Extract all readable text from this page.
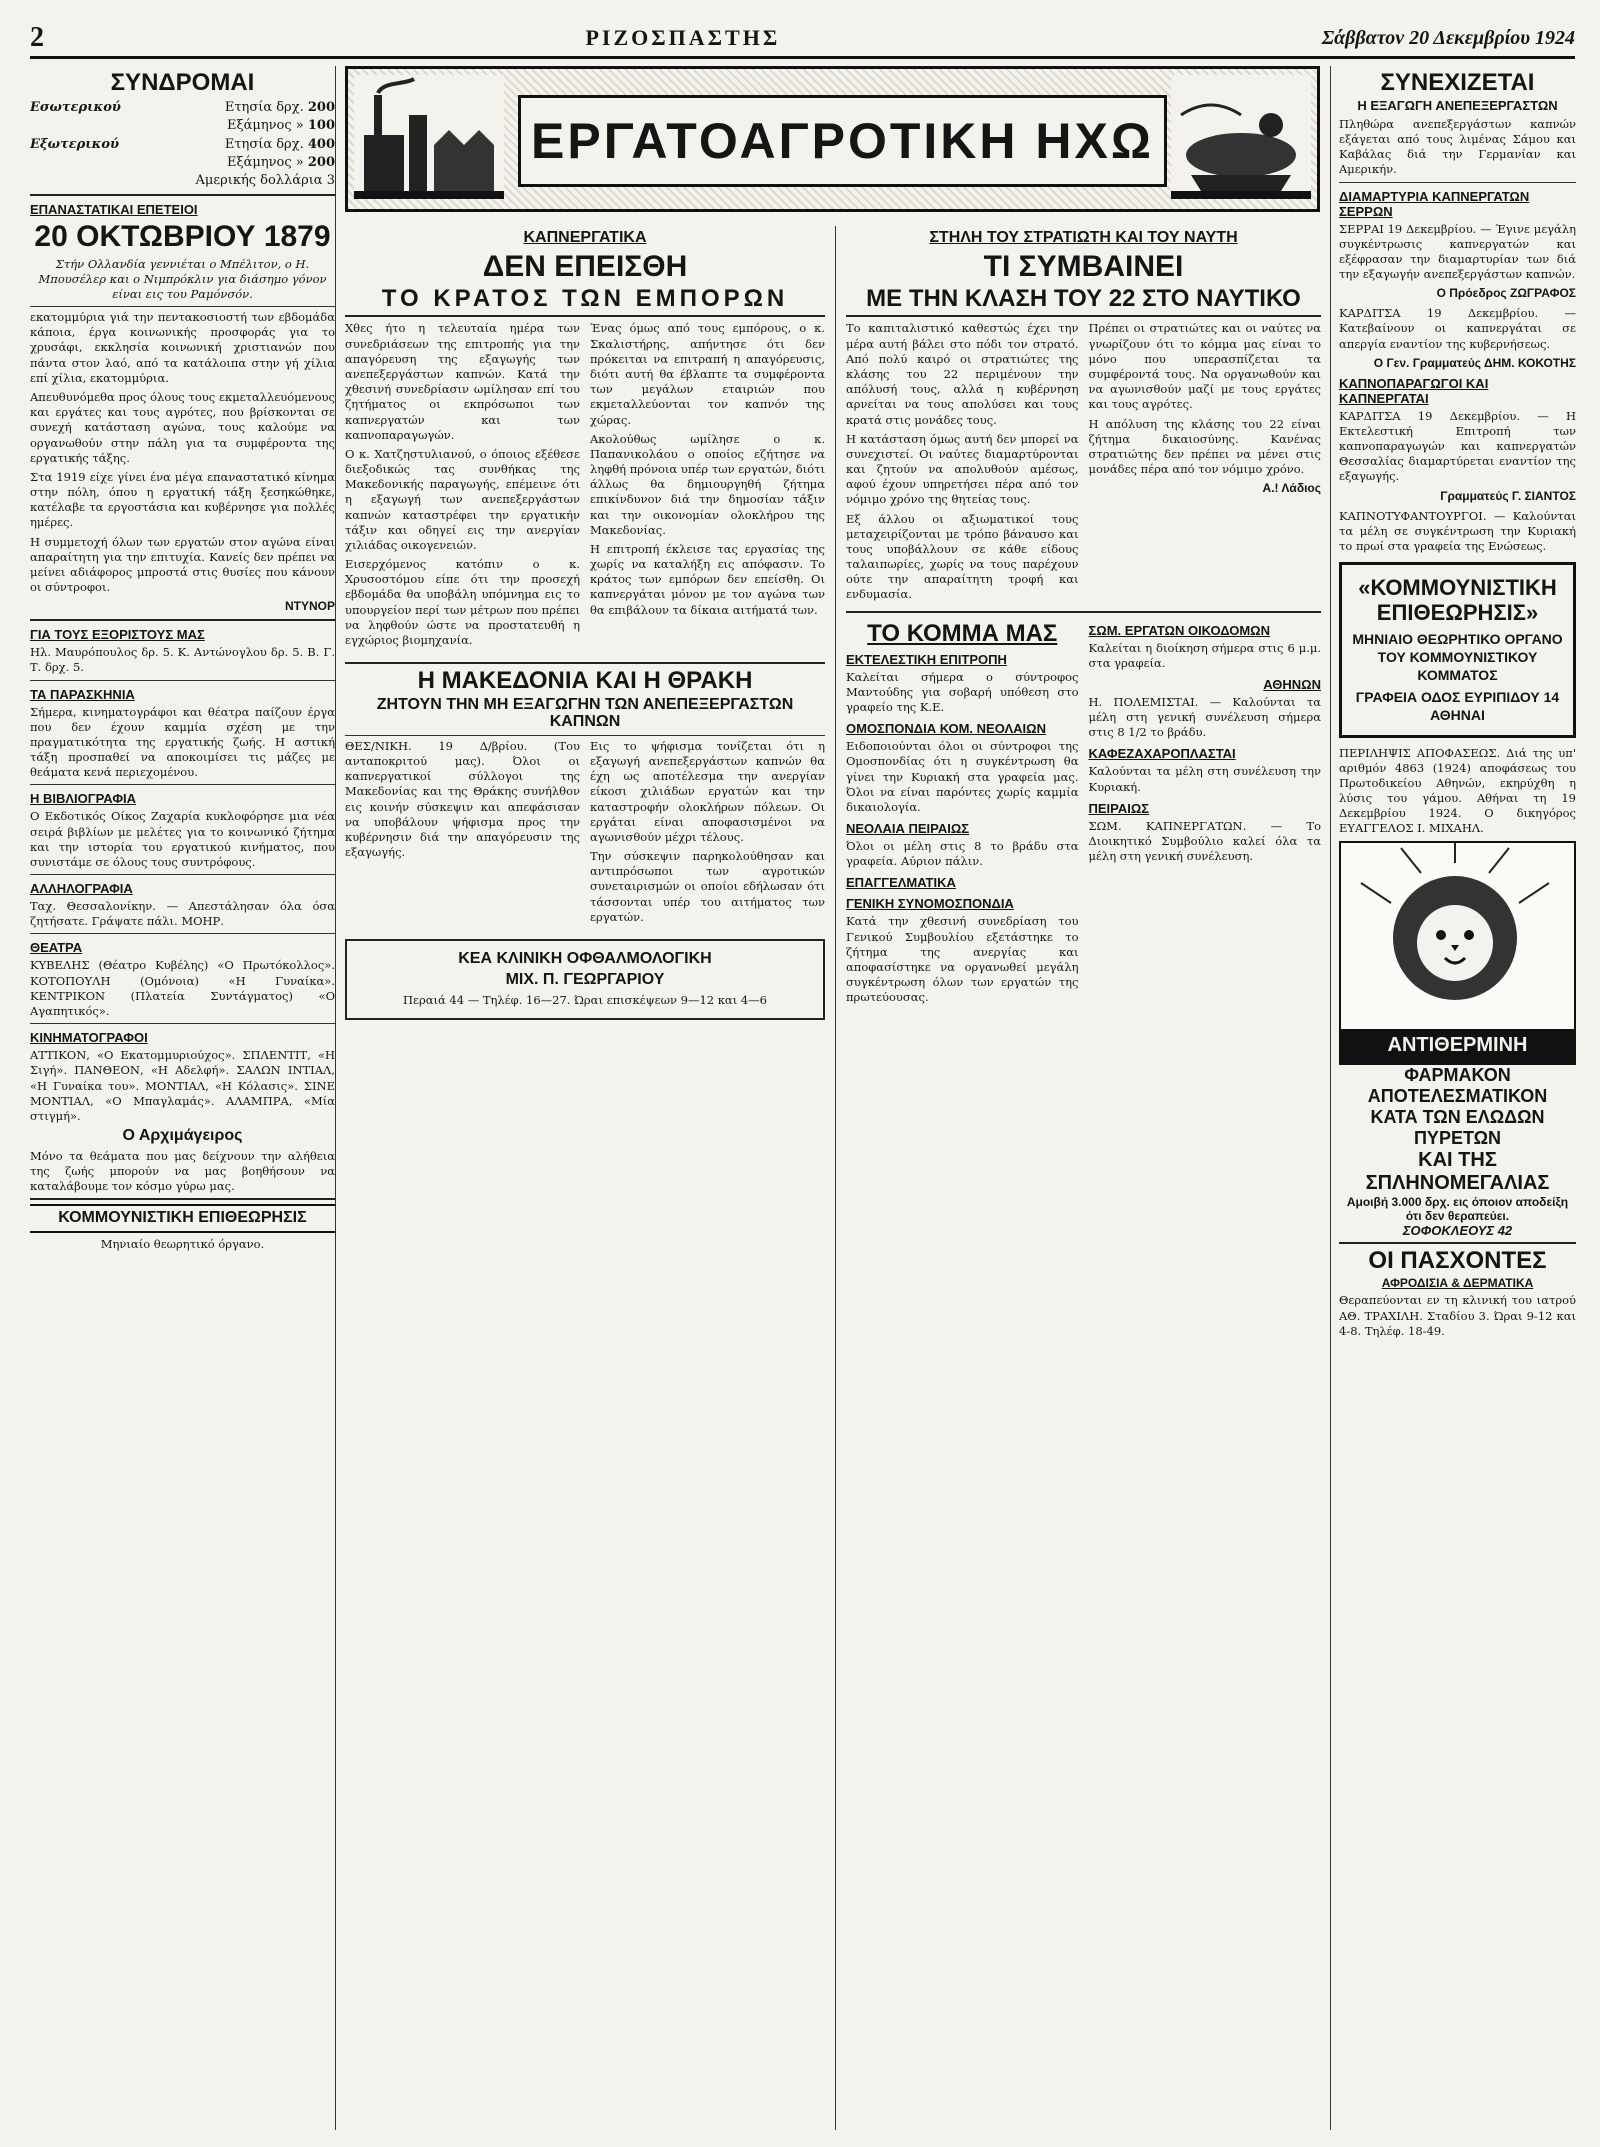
2	ΡΙΖΟΣΠΑΣΤΗΣ	Σάββατον 20 Δεκεμβρίου 1924
ΣΥΝΔΡΟΜΑΙ
Εσωτερικού	Ετησία δρχ. 200
Εξάμηνος » 100
Εξωτερικού	Ετησία δρχ. 400
Εξάμηνος » 200
Αμερικής δολλάρια 3
ΕΠΑΝΑΣΤΑΤΙΚΑΙ ΕΠΕΤΕΙΟΙ
20 ΟΚΤΩΒΡΙΟΥ 1879

Στήν Ολλανδία γεννιέται ο Μπέλιτον, ο Η. Μπουσέλερ και ο Νιμπρόκλιν για διάσημο γόνον είναι εις του Ραμόνσόν.

εκατομμύρια γιά την πεντακοσιοστή των εβδομάδα κάποια, έργα κοινωνικής προσφοράς για το χρυσάφι, εκκλησία κοινωνική χριστιανών που πάντα στον λαό, από τα κατάλοιπα στην γή χίλια επί χίλια, εκατομμύρια.

Απευθυνόμεθα προς όλους τους εκμεταλλευόμενους και εργάτες και τους αγρότες, που βρίσκονται σε συνεχή κατάσταση αγώνα, τους καλούμε να οργανωθούν στην πάλη για τα συμφέροντα της εργατικής τάξης.

Στα 1919 είχε γίνει ένα μέγα επαναστατικό κίνημα στην πόλη, όπου η εργατική τάξη ξεσηκώθηκε, κατέλαβε τα εργοστάσια και κυβέρνησε για πολλές ημέρες.

Η συμμετοχή όλων των εργατών στον αγώνα είναι απαραίτητη για την επιτυχία. Κανείς δεν πρέπει να μείνει αδιάφορος μπροστά στις θυσίες που κάνουν οι σύντροφοι.

ΝΤΥΝΟΡ
ΓΙΑ ΤΟΥΣ ΕΞΟΡΙΣΤΟΥΣ ΜΑΣ

Ηλ. Μαυρόπουλος δρ. 5. Κ. Αντώνογλου δρ. 5. Β. Γ. Τ. δρχ. 5.

ΤΑ ΠΑΡΑΣΚΗΝΙΑ

Σήμερα, κινηματογράφοι και θέατρα παίζουν έργα που δεν έχουν καμμία σχέση με την πραγματικότητα της εργατικής ζωής. Η αστική τάξη προσπαθεί να αποκοιμίσει τις μάζες με θεάματα κενά περιεχομένου.

Η ΒΙΒΛΙΟΓΡΑΦΙΑ

Ο Εκδοτικός Οίκος Ζαχαρία κυκλοφόρησε μια νέα σειρά βιβλίων με μελέτες για το κοινωνικό ζήτημα και την ιστορία του εργατικού κινήματος, που συνιστάμε σε όλους τους συντρόφους.

ΑΛΛΗΛΟΓΡΑΦΙΑ

Ταχ. Θεσσαλονίκην. — Απεστάλησαν όλα όσα ζητήσατε. Γράψατε πάλι. ΜΟΗΡ.

ΘΕΑΤΡΑ

ΚΥΒΕΛΗΣ (Θέατρο Κυβέλης) «Ο Πρωτόκολλος». ΚΟΤΟΠΟΥΛΗ (Ομόνοια) «Η Γυναίκα». ΚΕΝΤΡΙΚΟΝ (Πλατεία Συντάγματος) «Ο Αγαπητικός».

ΚΙΝΗΜΑΤΟΓΡΑΦΟΙ

ΑΤΤΙΚΟΝ, «Ο Εκατομμυριούχος». ΣΠΛΕΝΤΙΤ, «Η Σιγή». ΠΑΝΘΕΟΝ, «Η Αδελφή». ΣΑΛΩΝ ΙΝΤΙΑΛ, «Η Γυναίκα του». ΜΟΝΤΙΑΛ, «Η Κόλασις». ΣΙΝΕ ΜΟΝΤΙΑΛ, «Ο Μπαγλαμάς». ΑΛΑΜΠΡΑ, «Μία στιγμή».

Ο Αρχιμάγειρος

Μόνο τα θεάματα που μας δείχνουν την αλήθεια της ζωής μπορούν να μας βοηθήσουν να καταλάβουμε τον κόσμο γύρω μας.

ΚΟΜΜΟΥΝΙΣΤΙΚΗ ΕΠΙΘΕΩΡΗΣΙΣ

Μηνιαίο θεωρητικό όργανο.

ΕΡΓΑΤΟΑΓΡΟΤΙΚΗ ΗΧΩ
ΚΑΠΝΕΡΓΑΤΙΚΑ
ΔΕΝ ΕΠΕΙΣΘΗ
ΤΟ ΚΡΑΤΟΣ ΤΩΝ ΕΜΠΟΡΩΝ

Χθες ήτο η τελευταία ημέρα των συνεδριάσεων της επιτροπής για την απαγόρευση της εξαγωγής των ανεπεξεργάστων καπνών. Κατά την χθεσινή συνεδρίασιν ωμίλησαν επί του ζητήματος οι εκπρόσωποι των καπνεργατών και των καπνοπαραγωγών.

Ο κ. Χατζηστυλιανού, ο όποιος εξέθεσε διεξοδικώς τας συνθήκας της Μακεδονικής παραγωγής, επέμεινε ότι η εξαγωγή των ανεπεξεργάστων καπνών καταστρέφει την εργατικήν τάξιν και οδηγεί εις την ανεργίαν χιλιάδας οικογενειών.

Εισερχόμενος κατόπιν ο κ. Χρυσοστόμου είπε ότι την προσεχή εβδομάδα θα υποβάλη υπόμνημα εις το υπουργείον περί των μέτρων που πρέπει να ληφθούν ώστε να προστατευθή η εγχώριος βιομηχανία.

Ένας όμως από τους εμπόρους, ο κ. Σκαλιστήρης, απήντησε ότι δεν πρόκειται να επιτραπή η απαγόρευσις, διότι αυτή θα έβλαπτε τα συμφέροντα των μεγάλων εταιριών που εκμεταλλεύονται τον καπνόν της χώρας.

Ακολούθως ωμίλησε ο κ. Παπανικολάου ο οποίος εζήτησε να ληφθή πρόνοια υπέρ των εργατών, διότι άλλως θα δημιουργηθή ζήτημα επικίνδυνον διά την δημοσίαν τάξιν και την οικονομίαν ολοκλήρου της Μακεδονίας.

Η επιτροπή έκλεισε τας εργασίας της χωρίς να καταλήξη εις απόφασιν. Το κράτος των εμπόρων δεν επείσθη. Οι καπνεργάται μόνον με τον αγώνα των θα επιβάλουν τα δίκαια αιτήματά των.

Η ΜΑΚΕΔΟΝΙΑ ΚΑΙ Η ΘΡΑΚΗ
ΖΗΤΟΥΝ ΤΗΝ ΜΗ ΕΞΑΓΩΓΗΝ ΤΩΝ ΑΝΕΠΕΞΕΡΓΑΣΤΩΝ ΚΑΠΝΩΝ

ΘΕΣ/ΝΙΚΗ. 19 Δ/βρίου. (Του ανταποκριτού μας). Όλοι οι καπνεργατικοί σύλλογοι της Μακεδονίας και της Θράκης συνήλθον εις κοινήν σύσκεψιν και απεφάσισαν να υποβάλουν ψήφισμα προς την κυβέρνησιν διά την απαγόρευσιν της εξαγωγής.

Εις το ψήφισμα τονίζεται ότι η εξαγωγή ανεπεξεργάστων καπνών θα έχη ως αποτέλεσμα την ανεργίαν είκοσι χιλιάδων εργατών και την καταστροφήν ολοκλήρων πόλεων. Οι εργάται είναι αποφασισμένοι να αγωνισθούν μέχρι τέλους.

Την σύσκεψιν παρηκολούθησαν και αντιπρόσωποι των αγροτικών συνεταιρισμών οι οποίοι εδήλωσαν ότι τάσσονται υπέρ του αιτήματος των εργατών.

ΚΕΑ ΚΛΙΝΙΚΗ ΟΦΘΑΛΜΟΛΟΓΙΚΗ
ΜΙΧ. Π. ΓΕΩΡΓΑΡΙΟΥ

Περαιά 44 — Τηλέφ. 16—27. Ώραι επισκέψεων 9—12 και 4—6

ΣΤΗΛΗ ΤΟΥ ΣΤΡΑΤΙΩΤΗ ΚΑΙ ΤΟΥ ΝΑΥΤΗ
ΤΙ ΣΥΜΒΑΙΝΕΙ
ΜΕ ΤΗΝ ΚΛΑΣΗ ΤΟΥ 22 ΣΤΟ ΝΑΥΤΙΚΟ

Το καπιταλιστικό καθεστώς έχει την μέρα αυτή βάλει στο πόδι τον στρατό. Από πολύ καιρό οι στρατιώτες της κλάσης του 22 περιμένουν την απόλυσή τους, αλλά η κυβέρνηση αρνείται να τους απολύσει και τους κρατά στις μονάδες τους.

Η κατάσταση όμως αυτή δεν μπορεί να συνεχιστεί. Οι ναύτες διαμαρτύρονται και ζητούν να απολυθούν αμέσως, αφού έχουν υπηρετήσει πέρα από τον νόμιμο χρόνο της θητείας τους.

Εξ άλλου οι αξιωματικοί τους μεταχειρίζονται με τρόπο βάναυσο και τους υποβάλλουν σε κάθε είδους ταλαιπωρίες, χωρίς να τους παρέχουν ούτε την απαραίτητη τροφή και ενδυμασία.

Πρέπει οι στρατιώτες και οι ναύτες να γνωρίζουν ότι το κόμμα μας είναι το μόνο που υπερασπίζεται τα συμφέροντά τους. Να οργανωθούν και να αγωνισθούν μαζί με τους εργάτες και τους αγρότες.

Η απόλυση της κλάσης του 22 είναι ζήτημα δικαιοσύνης. Κανένας στρατιώτης δεν πρέπει να μένει στις μονάδες πέρα από τον νόμιμο χρόνο.

Α.! Λάδιος
ΤΟ ΚΟΜΜΑ ΜΑΣ
ΕΚΤΕΛΕΣΤΙΚΗ ΕΠΙΤΡΟΠΗ

Καλείται σήμερα ο σύντροφος Μαντούδης για σοβαρή υπόθεση στο γραφείο της Κ.Ε.

ΟΜΟΣΠΟΝΔΙΑ ΚΟΜ. ΝΕΟΛΑΙΩΝ

Ειδοποιούνται όλοι οι σύντροφοι της Ομοσπονδίας ότι η συγκέντρωση θα γίνει την Κυριακή στα γραφεία μας. Όλοι να είναι παρόντες χωρίς καμμία δικαιολογία.

ΝΕΟΛΑΙΑ ΠΕΙΡΑΙΩΣ

Όλοι οι μέλη στις 8 το βράδυ στα γραφεία. Αύριον πάλιν.

ΕΠΑΓΓΕΛΜΑΤΙΚΑ
ΓΕΝΙΚΗ ΣΥΝΟΜΟΣΠΟΝΔΙΑ

Κατά την χθεσινή συνεδρίαση του Γενικού Συμβουλίου εξετάστηκε το ζήτημα της ανεργίας και αποφασίστηκε να οργανωθεί μεγάλη συγκέντρωση όλων των εργατών της πρωτεύουσας.

ΣΩΜ. ΕΡΓΑΤΩΝ ΟΙΚΟΔΟΜΩΝ

Καλείται η διοίκηση σήμερα στις 6 μ.μ. στα γραφεία.

ΑΘΗΝΩΝ

Η. ΠΟΛΕΜΙΣΤΑΙ. — Καλούνται τα μέλη στη γενική συνέλευση σήμερα στις 8 1/2 το βράδυ.

ΚΑΦΕΖΑΧΑΡΟΠΛΑΣΤΑΙ

Καλούνται τα μέλη στη συνέλευση την Κυριακή.

ΠΕΙΡΑΙΩΣ

ΣΩΜ. ΚΑΠΝΕΡΓΑΤΩΝ. — Το Διοικητικό Συμβούλιο καλεί όλα τα μέλη στη γενική συνέλευση.

ΣΥΝΕΧΙΖΕΤΑΙ
Η ΕΞΑΓΩΓΗ ΑΝΕΠΕΞΕΡΓΑΣΤΩΝ

Πληθώρα ανεπεξεργάστων καπνών εξάγεται από τους λιμένας Σάμου και Καβάλας διά την Γερμανίαν και Αμερικήν.

ΔΙΑΜΑΡΤΥΡΙΑ ΚΑΠΝΕΡΓΑΤΩΝ ΣΕΡΡΩΝ

ΣΕΡΡΑΙ 19 Δεκεμβρίου. — Έγινε μεγάλη συγκέντρωσις καπνεργατών και εξέφρασαν την διαμαρτυρίαν των διά την εξαγωγήν ανεπεξεργάστων καπνών.

Ο Πρόεδρος ΖΩΓΡΑΦΟΣ

ΚΑΡΔΙΤΣΑ 19 Δεκεμβρίου. — Κατεβαίνουν οι καπνεργάται σε απεργία εναντίον της κυβερνήσεως.

Ο Γεν. Γραμματεύς ΔΗΜ. ΚΟΚΟΤΗΣ
ΚΑΠΝΟΠΑΡΑΓΩΓΟΙ ΚΑΙ ΚΑΠΝΕΡΓΑΤΑΙ

ΚΑΡΔΙΤΣΑ 19 Δεκεμβρίου. — Η Εκτελεστική Επιτροπή των καπνοπαραγωγών και καπνεργατών Θεσσαλίας διαμαρτύρεται εναντίον της εξαγωγής.

Γραμματεύς Γ. ΣΙΑΝΤΟΣ

ΚΑΠΝΟΤΥΦΑΝΤΟΥΡΓΟΙ. — Καλούνται τα μέλη σε συγκέντρωση την Κυριακή το πρωί στα γραφεία της Ενώσεως.

«ΚΟΜΜΟΥΝΙΣΤΙΚΗ ΕΠΙΘΕΩΡΗΣΙΣ»
ΜΗΝΙΑΙΟ ΘΕΩΡΗΤΙΚΟ ΟΡΓΑΝΟ ΤΟΥ ΚΟΜΜΟΥΝΙΣΤΙΚΟΥ ΚΟΜΜΑΤΟΣ
ΓΡΑΦΕΙΑ ΟΔΟΣ ΕΥΡΙΠΙΔΟΥ 14 ΑΘΗΝΑΙ

ΠΕΡΙΛΗΨΙΣ ΑΠΟΦΑΣΕΩΣ. Διά της υπ' αριθμόν 4863 (1924) αποφάσεως του Πρωτοδικείου Αθηνών, εκηρύχθη η λύσις του γάμου. Αθήναι τη 19 Δεκεμβρίου 1924. Ο δικηγόρος ΕΥΑΓΓΕΛΟΣ Ι. ΜΙΧΑΗΛ.

ΑΝΤΙΘΕΡΜΙΝΗ
ΦΑΡΜΑΚΟΝ ΑΠΟΤΕΛΕΣΜΑΤΙΚΟΝ
ΚΑΤΑ ΤΩΝ ΕΛΩΔΩΝ ΠΥΡΕΤΩΝ
ΚΑΙ ΤΗΣ ΣΠΛΗΝΟΜΕΓΑΛΙΑΣ
Αμοιβή 3.000 δρχ. εις όποιον αποδείξη ότι δεν θεραπεύει.
ΣΟΦΟΚΛΕΟΥΣ 42
ΟΙ ΠΑΣΧΟΝΤΕΣ
ΑΦΡΟΔΙΣΙΑ & ΔΕΡΜΑΤΙΚΑ

Θεραπεύονται εν τη κλινική του ιατρού ΑΘ. ΤΡΑΧΙΛΗ. Σταδίου 3. Ώραι 9-12 και 4-8. Τηλέφ. 18-49.
